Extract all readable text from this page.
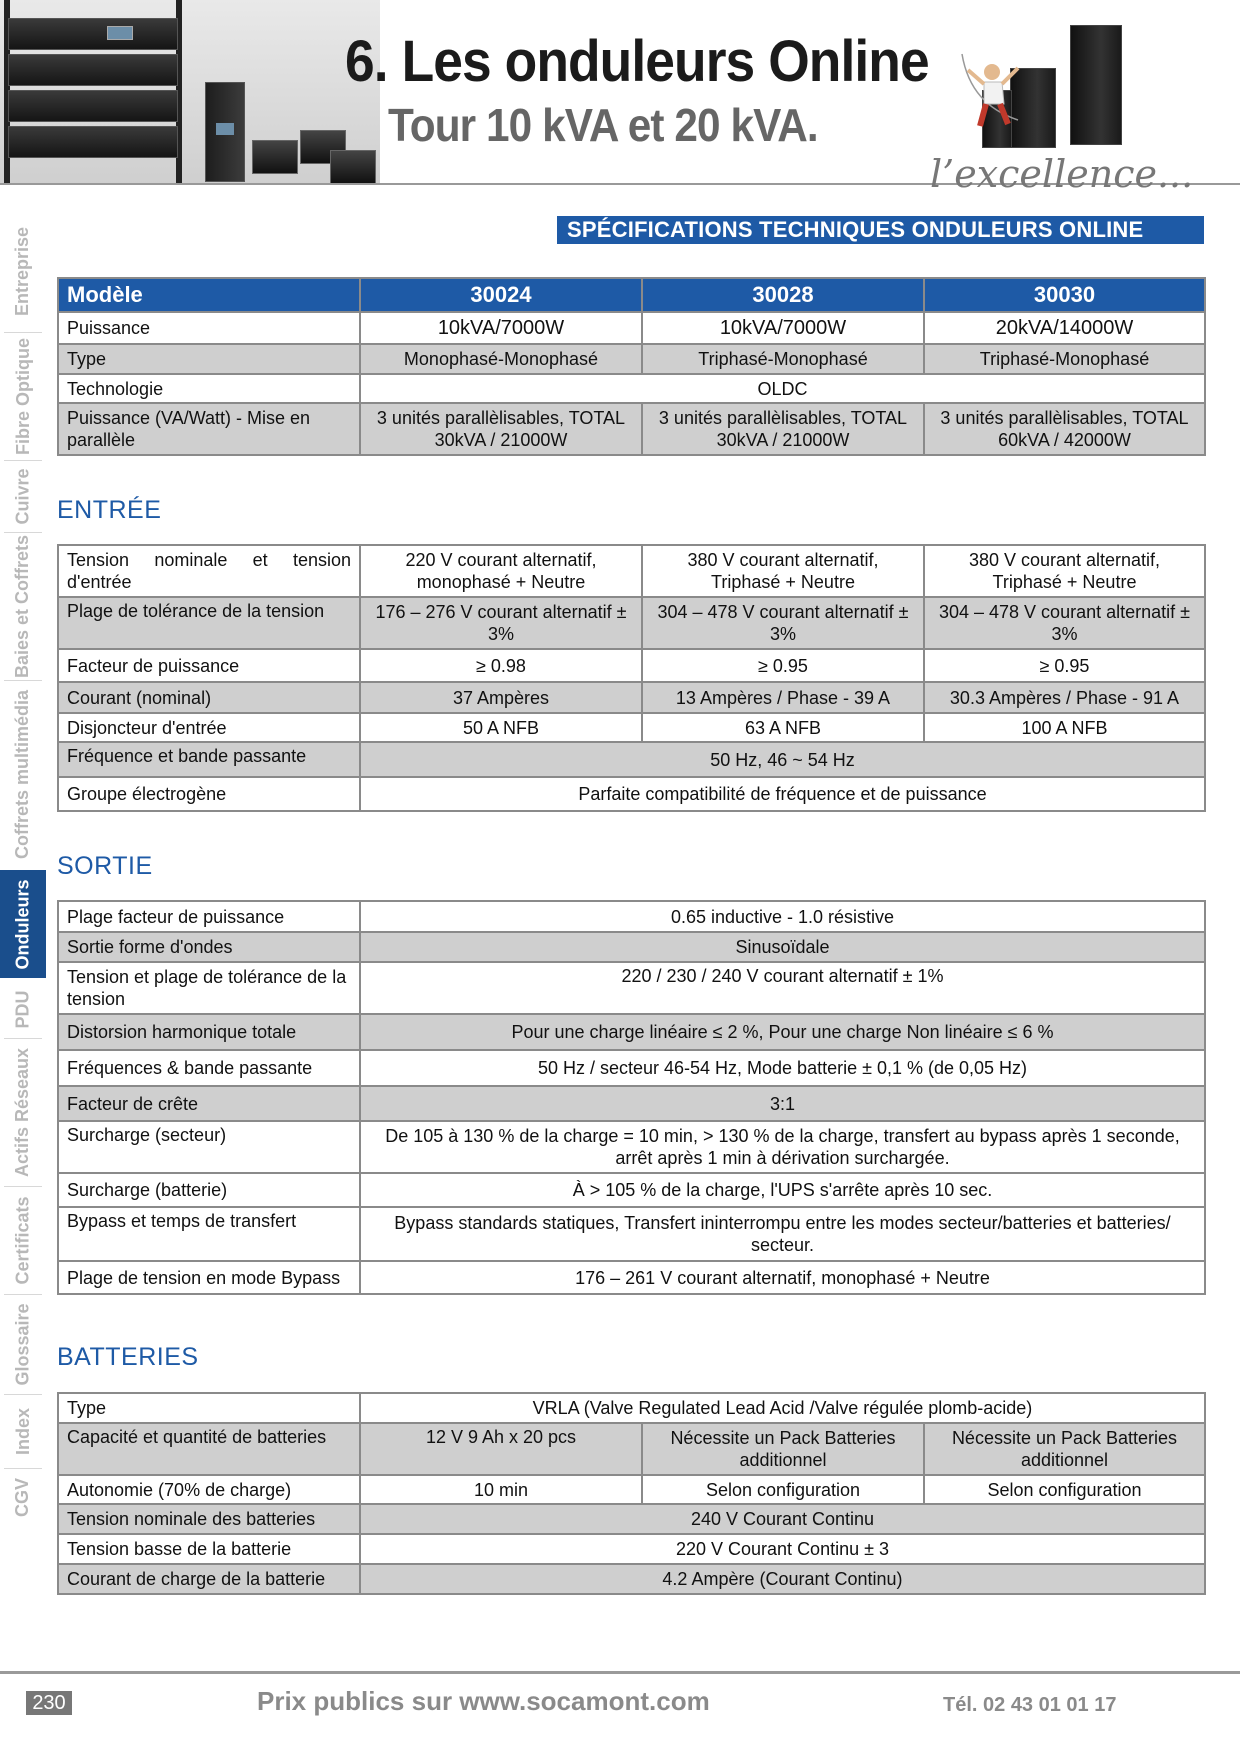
6. Les onduleurs Online
Tour 10 kVA et 20 kVA.
l’excellence...
Entreprise
Fibre Optique
Cuivre
Baies et Coffrets
Coffrets multimédia
Onduleurs
PDU
Actifs Réseaux
Certificats
Glossaire
Index
CGV
SPÉCIFICATIONS TECHNIQUES ONDULEURS ONLINE
Modèle	30024	30028	30030
Puissance	10kVA/7000W	10kVA/7000W	20kVA/14000W
Type	Monophasé-Monophasé	Triphasé-Monophasé	Triphasé-Monophasé
Technologie	OLDC		
Puissance (VA/Watt) - Mise en parallèle	3 unités parallèlisables, TOTAL 30kVA / 21000W	3 unités parallèlisables, TOTAL 30kVA / 21000W	3 unités parallèlisables, TOTAL 60kVA / 42000W
ENTRÉE
Tension nominale et tension d'entrée	220 V courant alternatif, monophasé + Neutre	380 V courant alternatif, Triphasé + Neutre	380 V courant alternatif, Triphasé + Neutre
Plage de tolérance de la tension	176 – 276 V courant alternatif ± 3%	304 – 478 V courant alternatif ± 3%	304 – 478 V courant alternatif ± 3%
Facteur de puissance	≥ 0.98	≥ 0.95	≥ 0.95
Courant (nominal)	37 Ampères	13 Ampères / Phase - 39 A	30.3 Ampères / Phase - 91 A
Disjoncteur d'entrée	50 A NFB	63 A NFB	100 A NFB
Fréquence et bande passante	50 Hz, 46 ~ 54 Hz		
Groupe électrogène	Parfaite compatibilité de fréquence et de puissance		
SORTIE
Plage facteur de puissance	0.65 inductive - 1.0 résistive
Sortie forme d'ondes	Sinusoïdale
Tension et plage de tolérance de la tension	220 / 230 / 240 V courant alternatif ± 1%
Distorsion harmonique totale	Pour une charge linéaire ≤ 2 %, Pour une charge Non linéaire ≤ 6 %
Fréquences & bande passante	50 Hz / secteur 46-54 Hz, Mode batterie ± 0,1 % (de 0,05 Hz)
Facteur de crête	3:1
Surcharge (secteur)	De 105 à 130 % de la charge = 10 min, > 130 % de la charge, transfert au bypass après 1 seconde, arrêt après 1 min à dérivation surchargée.
Surcharge (batterie)	À > 105 % de la charge, l'UPS s'arrête après 10 sec.
Bypass et temps de transfert	Bypass standards statiques, Transfert ininterrompu entre les modes secteur/batteries et batteries/ secteur.
Plage de tension en mode Bypass	176 – 261 V courant alternatif, monophasé + Neutre
BATTERIES
Type	VRLA (Valve Regulated Lead Acid /Valve régulée plomb-acide)		
Capacité et quantité de batteries	12 V 9 Ah x 20 pcs	Nécessite un Pack Batteries additionnel	Nécessite un Pack Batteries additionnel
Autonomie (70% de charge)	10 min	Selon configuration	Selon configuration
Tension nominale des batteries	240 V Courant Continu		
Tension basse de la batterie	220 V Courant Continu ± 3		
Courant de charge de la batterie	4.2 Ampère (Courant Continu)		
230	Prix publics sur www.socamont.com	Tél. 02 43 01 01 17
